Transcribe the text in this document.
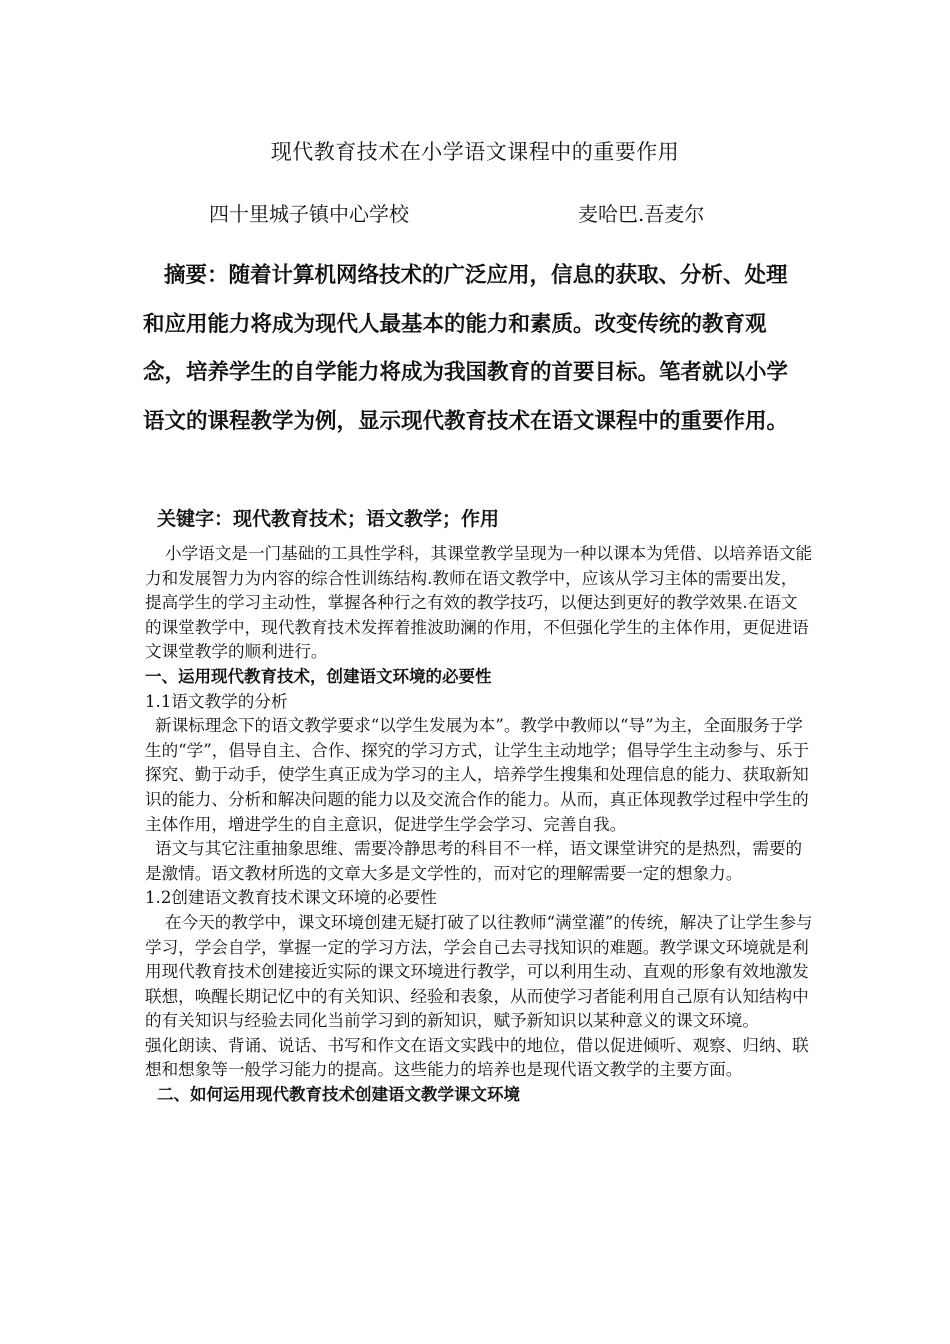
现代教育技术在小学语文课程中的重要作用
四十里城子镇中心学校	麦哈巴.吾麦尔

摘要：随着计算机网络技术的广泛应用，信息的获取、分析、处理和应用能力将成为现代人最基本的能力和素质。改变传统的教育观念，培养学生的自学能力将成为我国教育的首要目标。笔者就以小学语文的课程教学为例，显示现代教育技术在语文课程中的重要作用。

关键字：现代教育技术；语文教学；作用

小学语文是一门基础的工具性学科，其课堂教学呈现为一种以课本为凭借、以培养语文能力和发展智力为内容的综合性训练结构.教师在语文教学中，应该从学习主体的需要出发，提高学生的学习主动性，掌握各种行之有效的教学技巧，以便达到更好的教学效果.在语文的课堂教学中，现代教育技术发挥着推波助澜的作用，不但强化学生的主体作用，更促进语文课堂教学的顺利进行。

一、运用现代教育技术，创建语文环境的必要性

1.1语文教学的分析

新课标理念下的语文教学要求“以学生发展为本”。教学中教师以“导”为主，全面服务于学生的“学”，倡导自主、合作、探究的学习方式，让学生主动地学；倡导学生主动参与、乐于探究、勤于动手，使学生真正成为学习的主人，培养学生搜集和处理信息的能力、获取新知识的能力、分析和解决问题的能力以及交流合作的能力。从而，真正体现教学过程中学生的主体作用，增进学生的自主意识，促进学生学会学习、完善自我。

语文与其它注重抽象思维、需要冷静思考的科目不一样，语文课堂讲究的是热烈，需要的是激情。语文教材所选的文章大多是文学性的，而对它的理解需要一定的想象力。

1.2创建语文教育技术课文环境的必要性

在今天的教学中，课文环境创建无疑打破了以往教师“满堂灌”的传统，解决了让学生参与学习，学会自学，掌握一定的学习方法，学会自己去寻找知识的难题。教学课文环境就是利用现代教育技术创建接近实际的课文环境进行教学，可以利用生动、直观的形象有效地激发联想，唤醒长期记忆中的有关知识、经验和表象，从而使学习者能利用自己原有认知结构中的有关知识与经验去同化当前学习到的新知识，赋予新知识以某种意义的课文环境。

强化朗读、背诵、说话、书写和作文在语文实践中的地位，借以促进倾听、观察、归纳、联想和想象等一般学习能力的提高。这些能力的培养也是现代语文教学的主要方面。

二、如何运用现代教育技术创建语文教学课文环境
